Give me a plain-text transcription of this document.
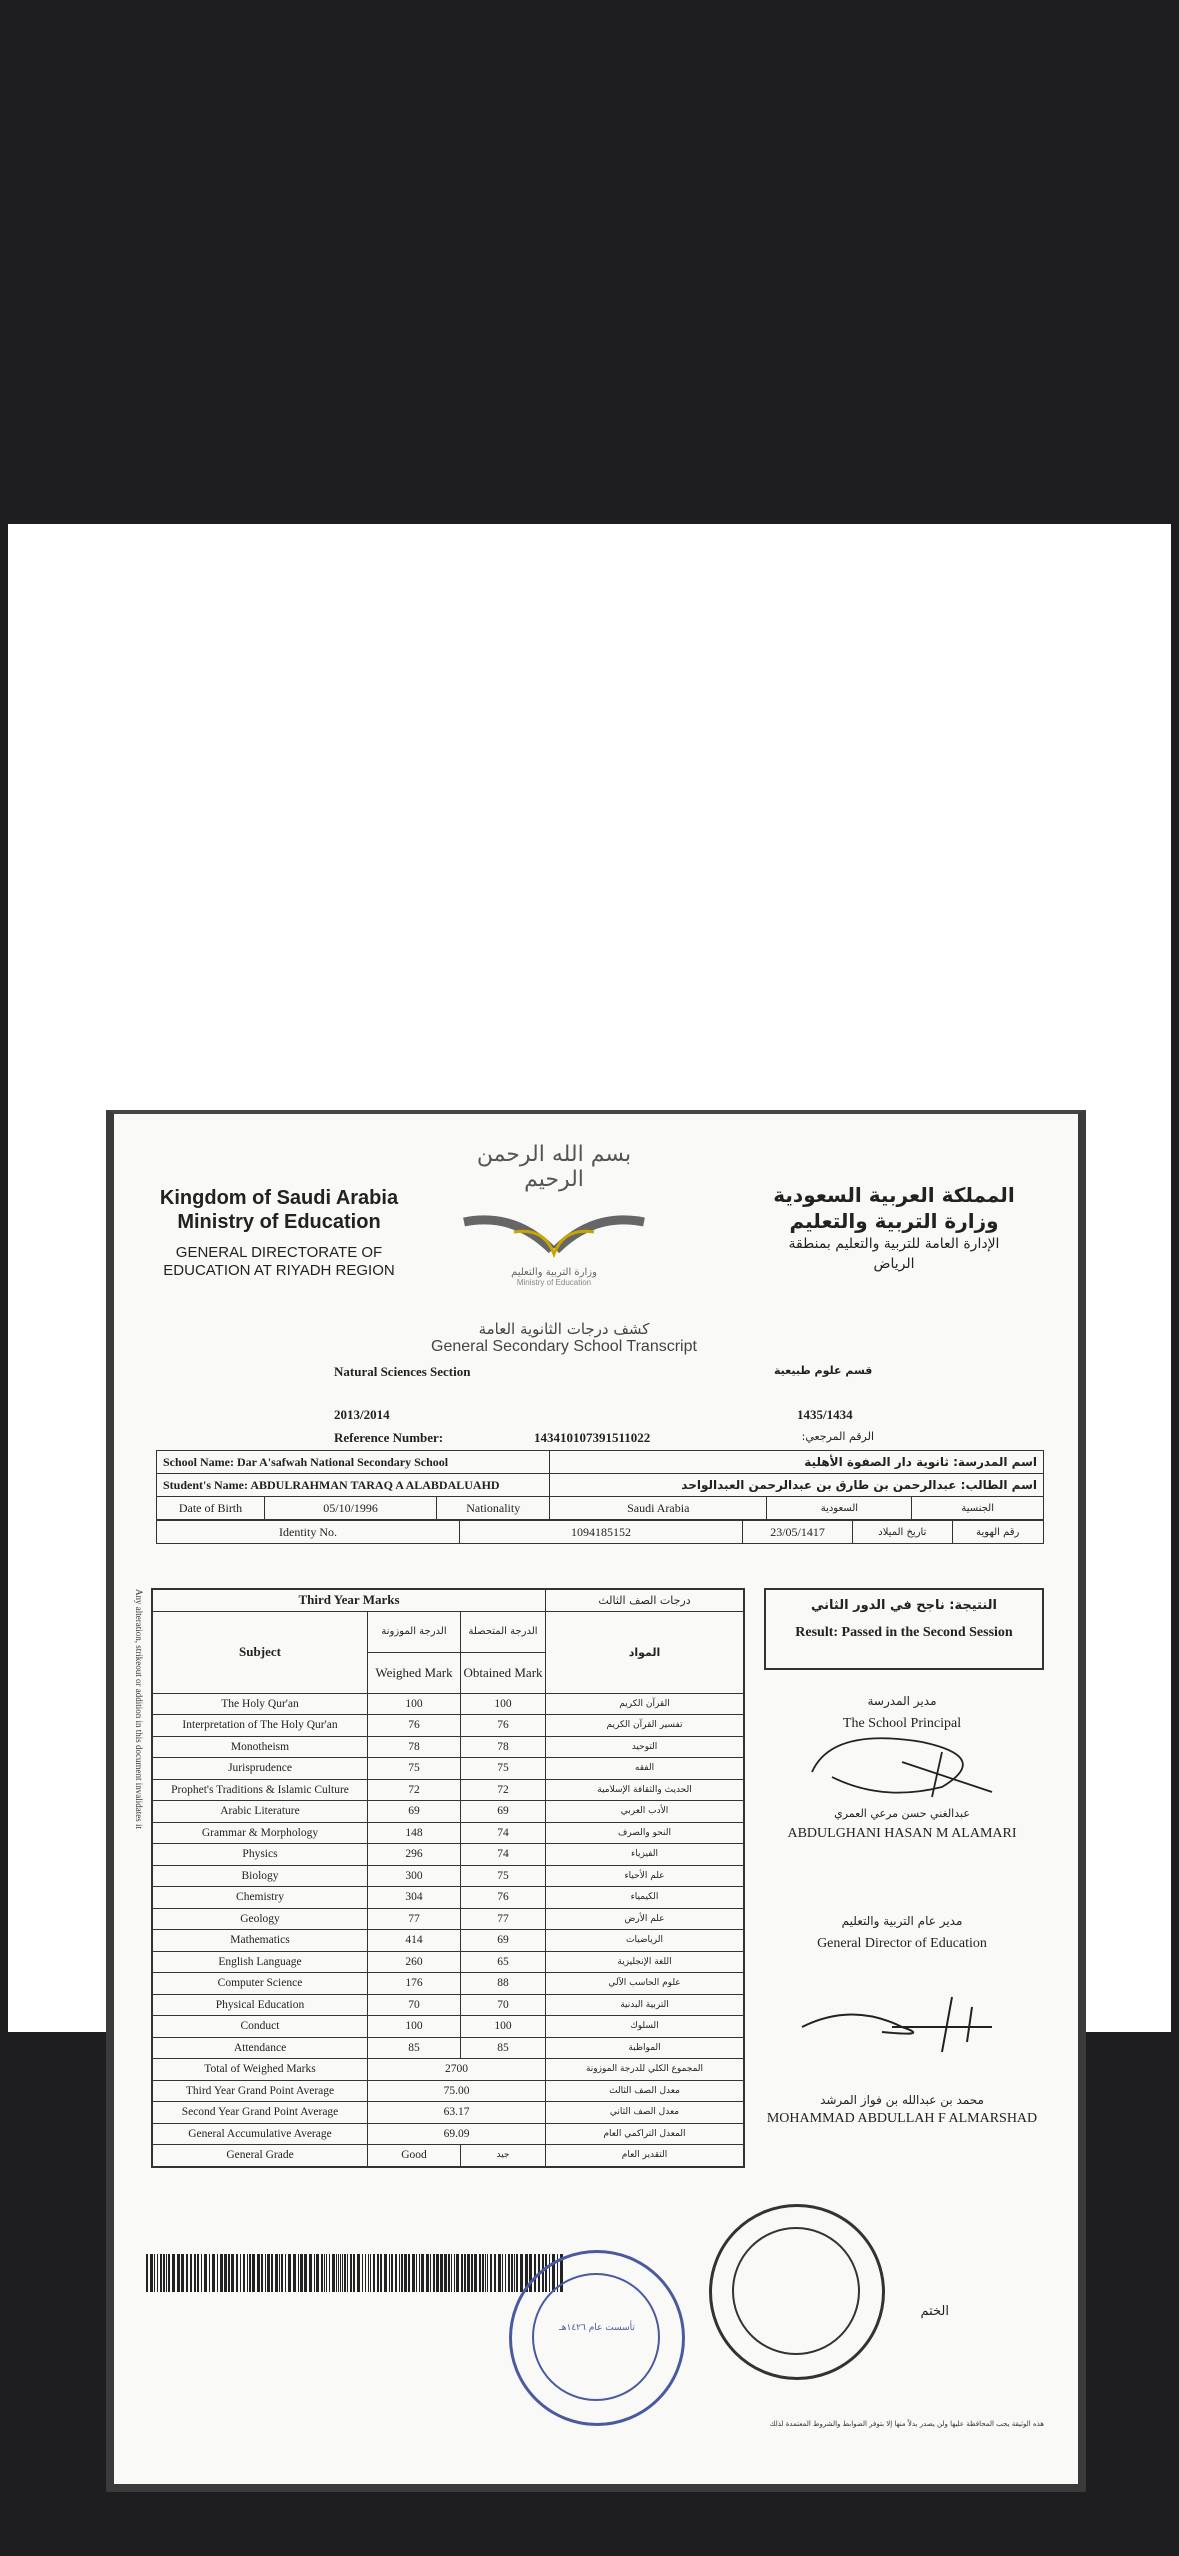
Kingdom of Saudi Arabia
Ministry of Education
GENERAL DIRECTORATE OF
EDUCATION AT RIYADH REGION
بسم الله الرحمن الرحيم
وزارة التربية والتعليم
Ministry of Education
المملكة العربية السعودية
وزارة التربية والتعليم
الإدارة العامة للتربية والتعليم بمنطقة
الرياض
كشف درجات الثانوية العامة
General Secondary School Transcript
Natural Sciences Section	قسم علوم طبيعية
2013/2014	1435/1434
Reference Number:	143410107391511022	الرقم المرجعي:
School Name: Dar A'safwah National Secondary School			اسم المدرسة: ثانوية دار الصفوة الأهلية		
Student's Name: ABDULRAHMAN TARAQ A ALABDALUAHD			اسم الطالب: عبدالرحمن بن طارق بن عبدالرحمن العبدالواحد		
Date of Birth	05/10/1996	Nationality	Saudi Arabia	السعودية	الجنسية
Identity No.	1094185152	23/05/1417	تاريخ الميلاد	رقم الهوية
Any alteration, strikeout or addition in this document invalidates it	Third Year Marks			درجات الصف الثالث
Subject	الدرجة الموزونة	الدرجة المتحصلة	المواد
	Weighed Mark	Obtained Mark	
The Holy Qur'an	100	100	القرآن الكريم
Interpretation of The Holy Qur'an	76	76	تفسير القرآن الكريم
Monotheism	78	78	التوحيد
Jurisprudence	75	75	الفقه
Prophet's Traditions & Islamic Culture	72	72	الحديث والثقافة الإسلامية
Arabic Literature	69	69	الأدب العربي
Grammar & Morphology	148	74	النحو والصرف
Physics	296	74	الفيزياء
Biology	300	75	علم الأحياء
Chemistry	304	76	الكيمياء
Geology	77	77	علم الأرض
Mathematics	414	69	الرياضيات
English Language	260	65	اللغة الإنجليزية
Computer Science	176	88	علوم الحاسب الآلي
Physical Education	70	70	التربية البدنية
Conduct	100	100	السلوك
Attendance	85	85	المواظبة
Total of Weighed Marks	2700		المجموع الكلي للدرجة الموزونة
Third Year Grand Point Average	75.00		معدل الصف الثالث
Second Year Grand Point Average	63.17		معدل الصف الثاني
General Accumulative Average	69.09		المعدل التراكمي العام
General Grade	Good	جيد	التقدير العام
النتيجة: ناجح في الدور الثاني
Result: Passed in the Second Session
مدير المدرسة
The School Principal
عبدالغني حسن مرعي العمري
ABDULGHANI HASAN M ALAMARI
مدير عام التربية والتعليم
General Director of Education
محمد بن عبدالله بن فواز المرشد
MOHAMMAD ABDULLAH F ALMARSHAD
تأسست عام ١٤٢٦هـ
الختم
هذه الوثيقة يجب المحافظة عليها ولن يصدر بدلاً منها إلا بتوفر الضوابط والشروط المعتمدة لذلك
